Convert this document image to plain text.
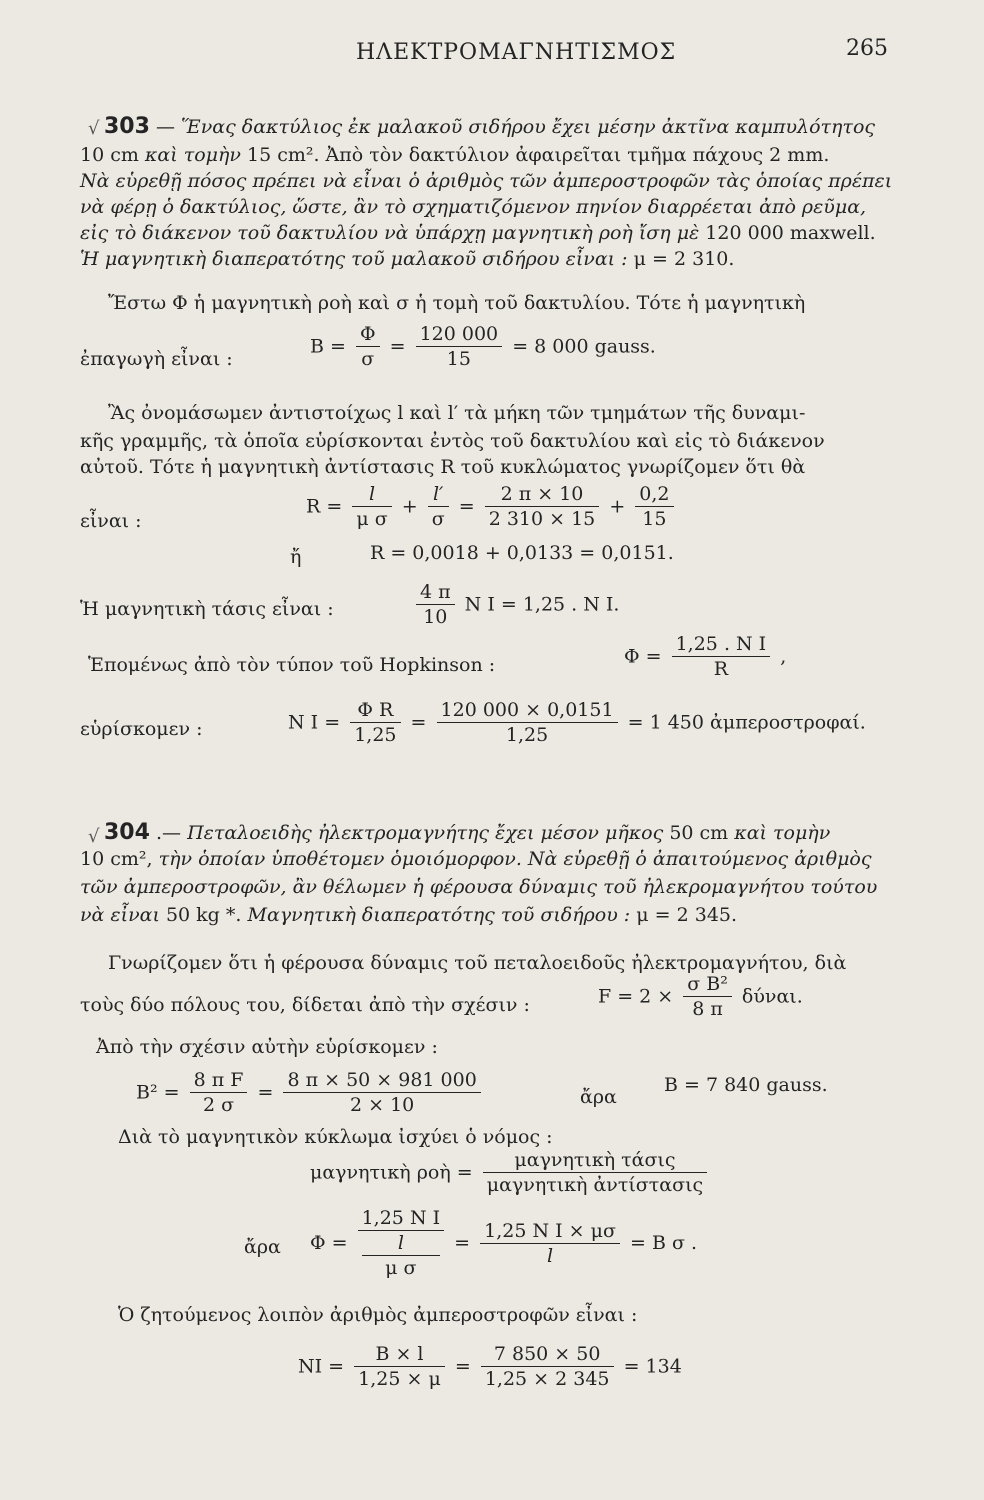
ΗΛΕΚΤΡΟΜΑΓΝΗΤΙΣΜΟΣ	265
√ 303 — Ἕνας δακτύλιος ἐκ μαλακοῦ σιδήρου ἔχει μέσην ἀκτῖνα καμπυλότητος
10 cm καὶ τομὴν 15 cm². Ἀπὸ τὸν δακτύλιον ἀφαιρεῖται τμῆμα πάχους 2 mm.
Νὰ εὑρεθῇ πόσος πρέπει νὰ εἶναι ὁ ἀριθμὸς τῶν ἀμπεροστροφῶν τὰς ὁποίας πρέπει
νὰ φέρῃ ὁ δακτύλιος, ὥστε, ἂν τὸ σχηματιζόμενον πηνίον διαρρέεται ἀπὸ ρεῦμα,
εἰς τὸ διάκενον τοῦ δακτυλίου νὰ ὑπάρχῃ μαγνητικὴ ροὴ ἴση μὲ 120 000 maxwell.
Ἡ μαγνητικὴ διαπερατότης τοῦ μαλακοῦ σιδήρου εἶναι : μ = 2 310.
Ἔστω Φ ἡ μαγνητικὴ ροὴ καὶ σ ἡ τομὴ τοῦ δακτυλίου. Τότε ἡ μαγνητικὴ
ἐπαγωγὴ εἶναι :
$B = \frac{\Phi}{\sigma} = \frac{120 000}{15} = 8$ 000 gauss.
Ἂς ὀνομάσωμεν ἀντιστοίχως l καὶ l′ τὰ μήκη τῶν τμημάτων τῆς δυναμι-
κῆς γραμμῆς, τὰ ὁποῖα εὑρίσκονται ἐντὸς τοῦ δακτυλίου καὶ εἰς τὸ διάκενον
αὐτοῦ. Τότε ἡ μαγνητικὴ ἀντίστασις R τοῦ κυκλώματος γνωρίζομεν ὅτι θὰ
εἶναι :
$R = \frac{l}{\text{μ σ}} + \frac{l'}{\sigma} = \frac{2 \pi \times 10}{2 310 \times 15} + \frac{0,2}{15}$
ἤ	R = 0,0018 + 0,0133 = 0,0151.
Ἡ μαγνητικὴ τάσις εἶναι :	$\frac{4 \pi}{10}$ N I = 1,25 . N I.
Ἑπομένως ἀπὸ τὸν τύπον τοῦ Hopkinson :	$\Phi = \frac{\text{1,25 . N I}}{R}$ ,
εὑρίσκομεν :	N $I = \frac{\text{Φ R}}{1,25} = \frac{120 000 \times 0,0151}{1,25} = 1$ 450 ἀμπεροστροφαί.
√ 304 .— Πεταλοειδὴς ἠλεκτρομαγνήτης ἔχει μέσον μῆκος 50 cm καὶ τομὴν
10 cm², τὴν ὁποίαν ὑποθέτομεν ὁμοιόμορφον. Νὰ εὑρεθῇ ὁ ἀπαιτούμενος ἀριθμὸς
τῶν ἀμπεροστροφῶν, ἂν θέλωμεν ἡ φέρουσα δύναμις τοῦ ἠλεκρομαγνήτου τούτου
νὰ εἶναι 50 kg *. Μαγνητικὴ διαπερατότης τοῦ σιδήρου : μ = 2 345.
Γνωρίζομεν ὅτι ἡ φέρουσα δύναμις τοῦ πεταλοειδοῦς ἠλεκτρομαγνήτου, διὰ
τοὺς δύο πόλους του, δίδεται ἀπὸ τὴν σχέσιν :	$F = 2 \times \frac{\text{σ B²}}{8 \pi} \delta ύ\nu\alpha\iota$.
Ἀπὸ τὴν σχέσιν αὐτὴν εὑρίσκομεν :
$B^2 = \frac{\text{8 π F}}{2 \sigma} = \frac{8 \pi \times 50 \times 981 000}{2 \times 10}$	ἄρα
B = 7 840 gauss.
Διὰ τὸ μαγνητικὸν κύκλωμα ἰσχύει ὁ νόμος :
μαγνητικὴ ροὴ = $\frac{\text{μαγνητικὴ τάσις}}{\text{μαγνητικὴ ἀντίστασις}}$
ἄρα Φ = 1,25 N I
l
μ $\sigma = \frac{\text{1,25 N I × μσ}}{l} = B$ σ .
Ὁ ζητούμενος λοιπὸν ἀριθμὸς ἀμπεροστροφῶν εἶναι :
NI = $\frac{B \times l}{1,25 \times \mu} = \frac{7 850 \times 50}{1,25 \times 2 345} = 134$
